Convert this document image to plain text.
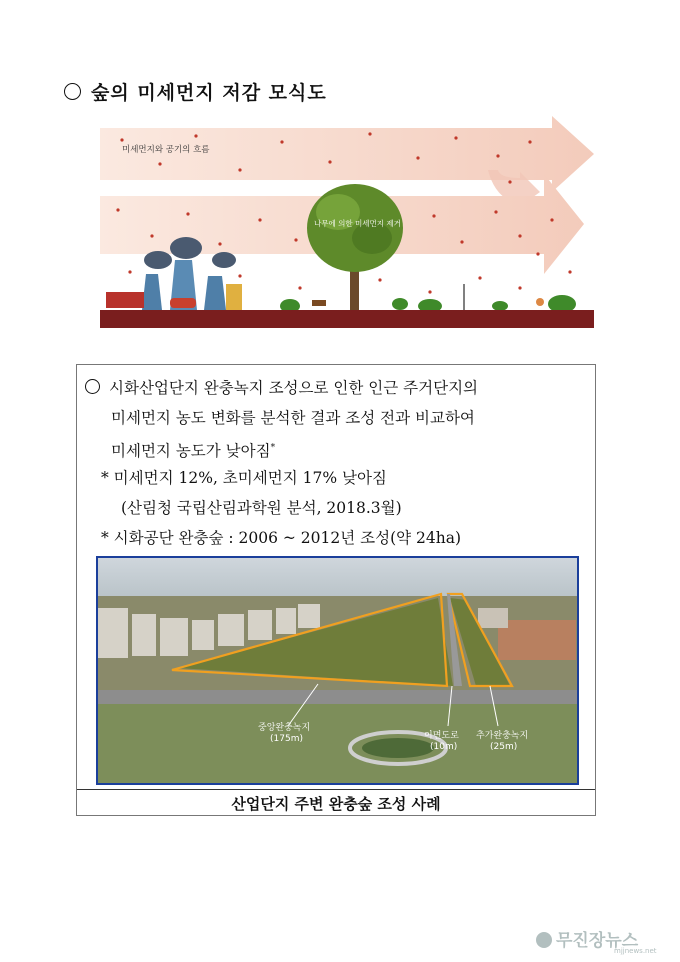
숲의 미세먼지 저감 모식도
미세먼지와 공기의 흐름
나무에 의한 미세먼지 제거
시화산업단지 완충녹지 조성으로 인한 인근 주거단지의
미세먼지 농도 변화를 분석한 결과 조성 전과 비교하여
미세먼지 농도가 낮아짐*
* 미세먼지 12%, 초미세먼지 17% 낮아짐
(산림청 국립산림과학원 분석, 2018.3월)
* 시화공단 완충숲 : 2006 ~ 2012년 조성(약 24ha)
중앙완충녹지
(175m)	이면도로
(10m)
추가완충녹지
(25m)
산업단지 주변 완충숲 조성 사례
무진장뉴스
mjjnews.net
